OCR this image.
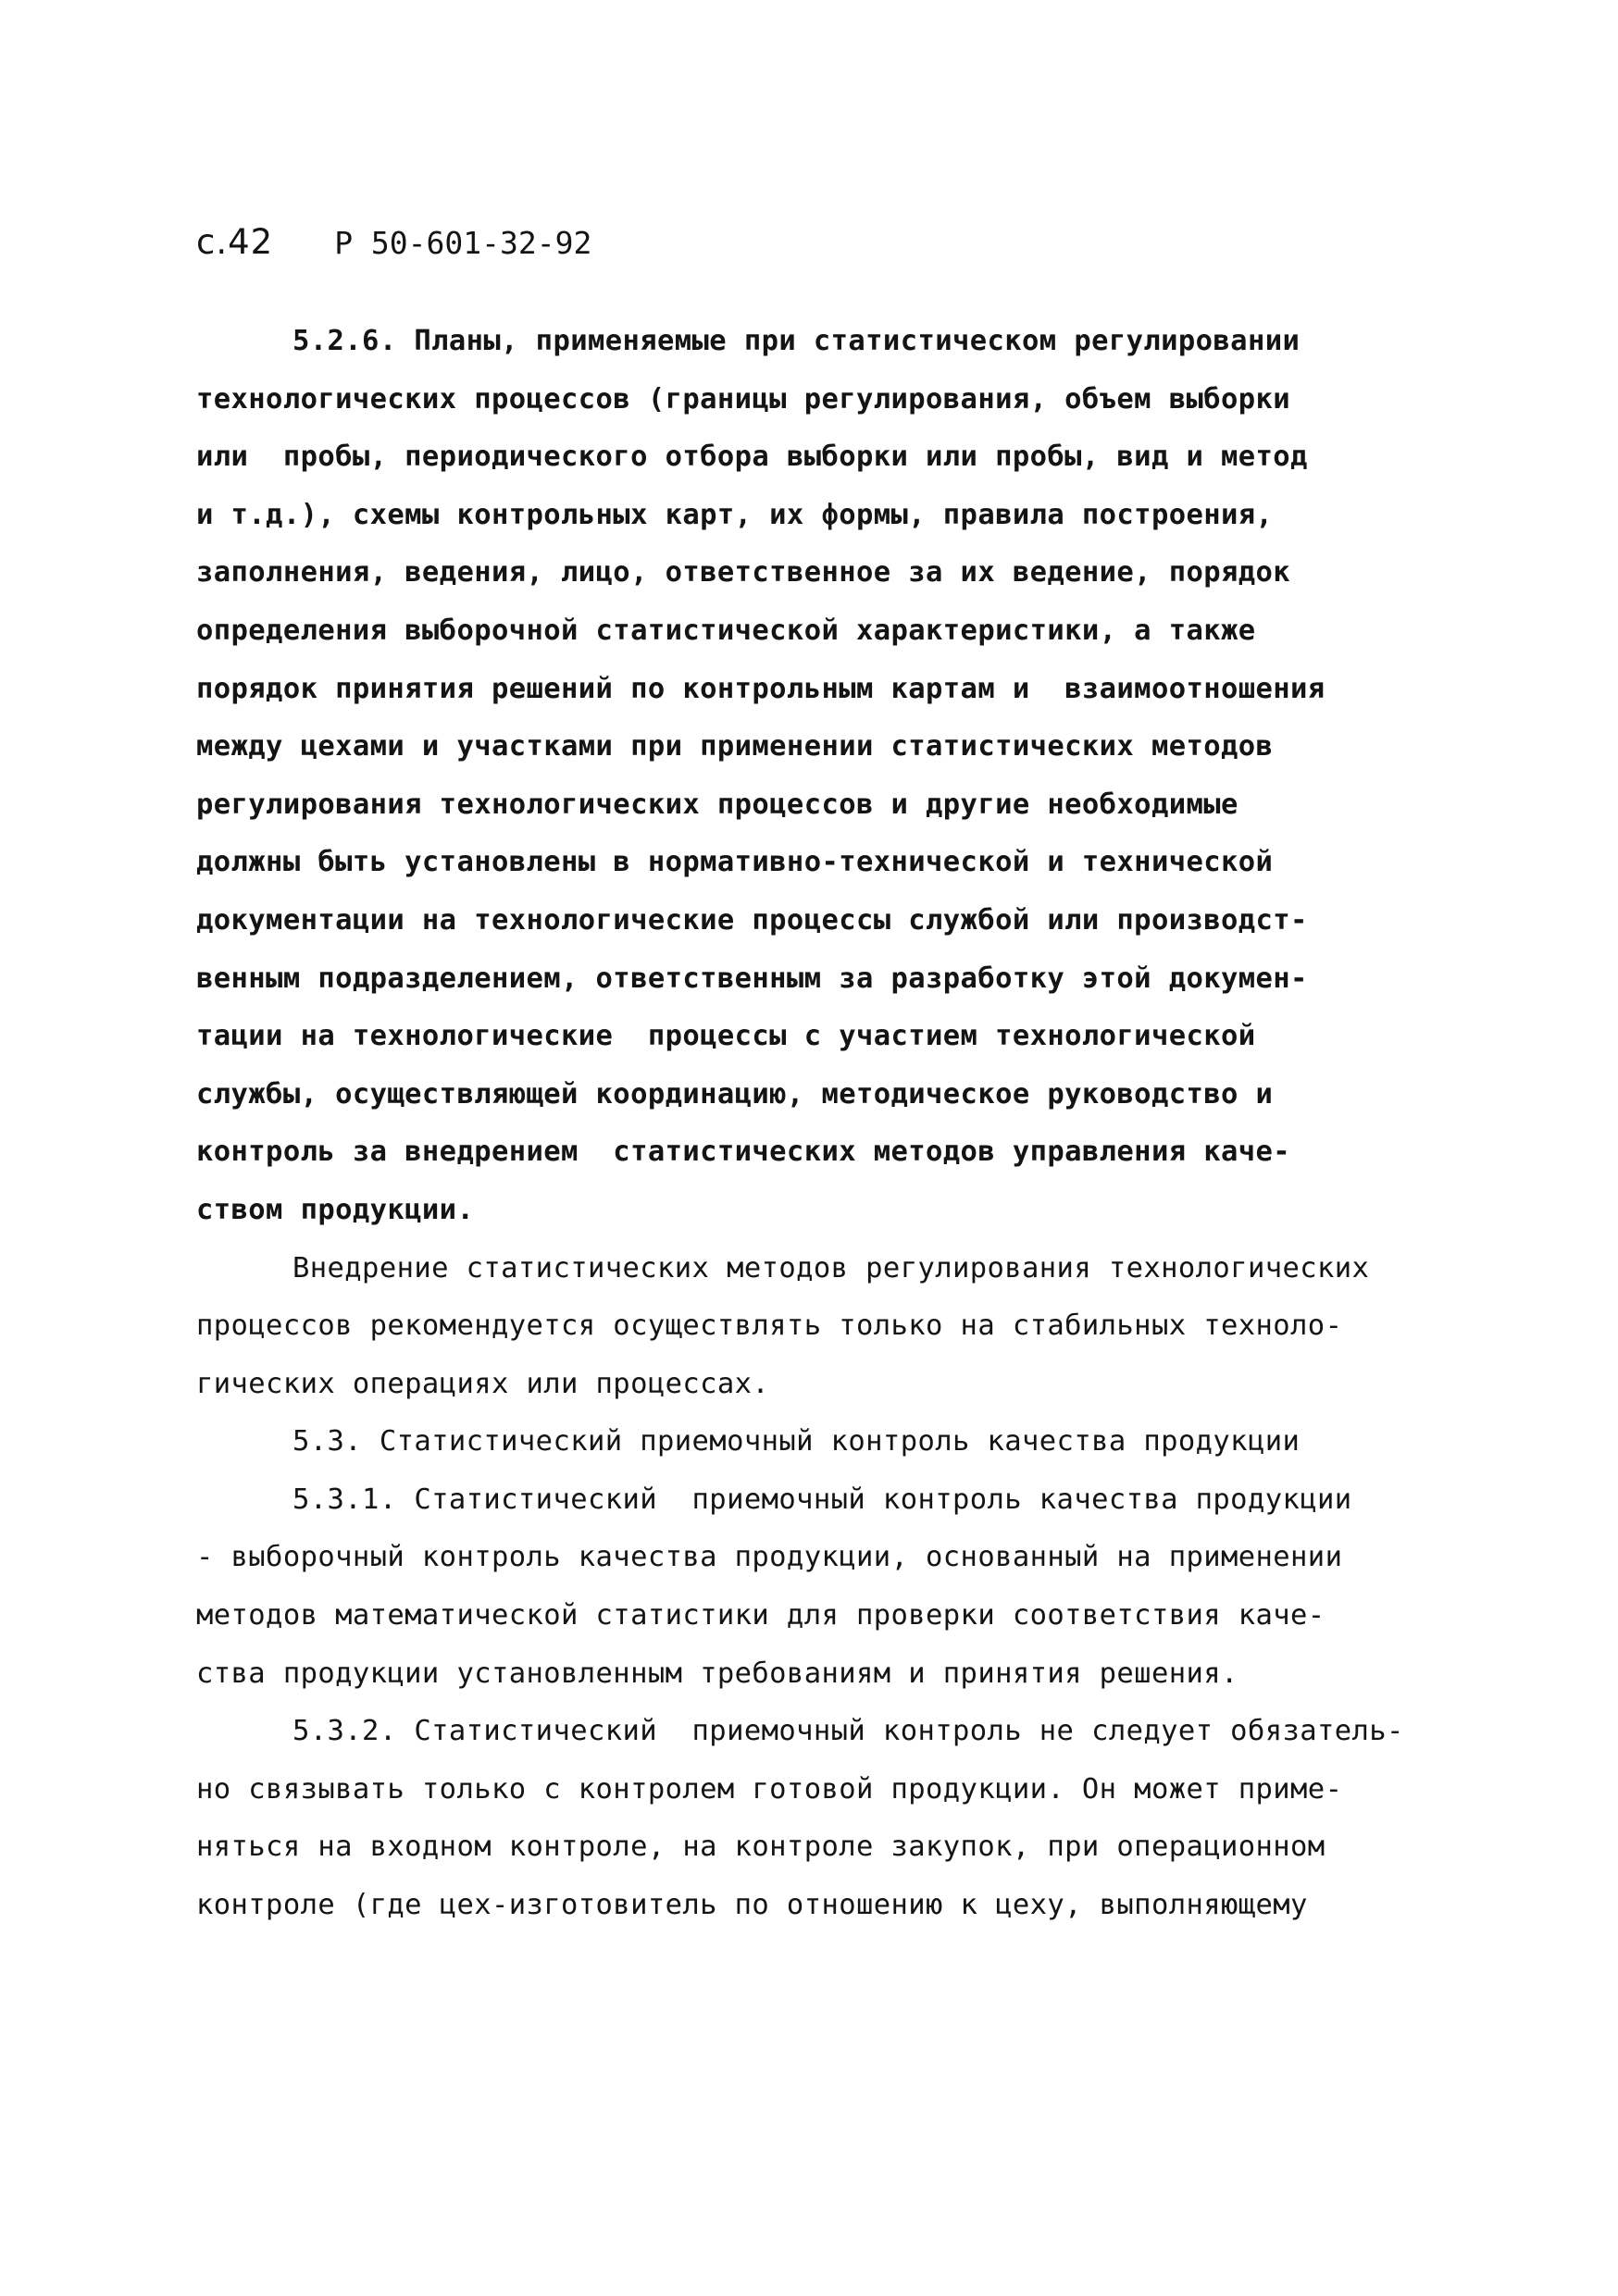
с.42 Р 50-601-32-92
5.2.6. Планы, применяемые при статистическом регулировании
технологических процессов (границы регулирования, объем выборки
или  пробы, периодического отбора выборки или пробы, вид и метод
и т.д.), схемы контрольных карт, их формы, правила построения,
заполнения, ведения, лицо, ответственное за их ведение, порядок
определения выборочной статистической характеристики, а также
порядок принятия решений по контрольным картам и  взаимоотношения
между цехами и участками при применении статистических методов
регулирования технологических процессов и другие необходимые
должны быть установлены в нормативно-технической и технической
документации на технологические процессы службой или производст-
венным подразделением, ответственным за разработку этой докумен-
тации на технологические  процессы с участием технологической
службы, осуществляющей координацию, методическое руководство и
контроль за внедрением  статистических методов управления каче-
ством продукции.
Внедрение статистических методов регулирования технологических
процессов рекомендуется осуществлять только на стабильных техноло-
гических операциях или процессах.
5.3. Статистический приемочный контроль качества продукции
5.3.1. Статистический  приемочный контроль качества продукции
- выборочный контроль качества продукции, основанный на применении
методов математической статистики для проверки соответствия каче-
ства продукции установленным требованиям и принятия решения.
5.3.2. Статистический  приемочный контроль не следует обязатель-
но связывать только с контролем готовой продукции. Он может приме-
няться на входном контроле, на контроле закупок, при операционном
контроле (где цех-изготовитель по отношению к цеху, выполняющему
